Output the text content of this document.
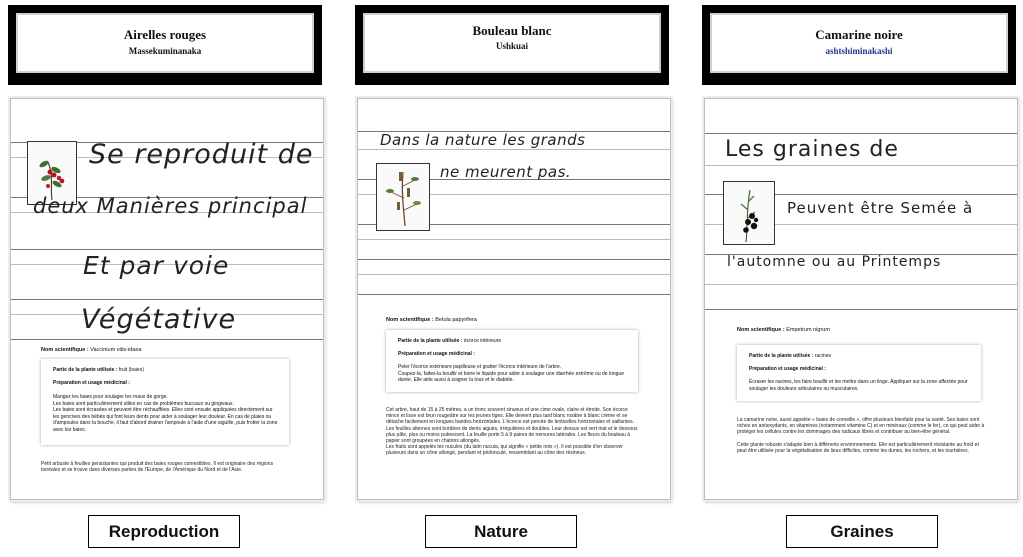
Airelles rouges
Massekuminanaka
Se reproduit de
deux Manières principal
Et par voie
Végétative
Nom scientifique : Vaccinium vitis-idaea
Partie de la plante utilisée : fruit (baies)
Préparation et usage médicinal :
Mangez les baies pour soulager les maux de gorge.
Les baies sont particulièrement utiles en cas de problèmes buccaux ou gingivaux.
Les baies sont écrasées et peuvent être réchauffées. Elles sont ensuite appliquées directement sur les gencives des bébés qui font leurs dents pour aider à soulager leur douleur. En cas de plaies ou d'ampoules dans la bouche, il faut d'abord drainer l'ampoule à l'aide d'une aiguille, puis frotter la zone avec les baies.
Petit arbuste à feuilles persistantes qui produit des baies rouges comestibles. Il est originaire des régions boréales et se trouve dans diverses parties de l'Europe, de l'Amérique du Nord et de l'Asie.
Reproduction
Bouleau blanc
Ushkuai
Dans la nature les grands
ne meurent pas.
Nom scientifique : Betula papyrifera
Partie de la plante utilisée : écorce intérieure
Préparation et usage médicinal :
Peler l'écorce extérieure papilleuse et gratter l'écorce intérieure de l'arbre.
Coupez-la, faites-la bouillir et boire le liquide pour aider à soulager une diarrhée extrême ou de longue durée. Elle aide aussi à soigner la toux et le diabète.
Cet arbre, haut de 15 à 25 mètres, a un tronc souvent sinueux et une cime ovale, claire et étroite. Son écorce mince et lisse est brun rougeâtre sur les jeunes tiges. Elle devient plus tard blanc rosâtre à blanc crème et se détache facilement en longues bandes horizontales. L'écorce est percée de lenticelles horizontales et saillantes.
Les feuilles alternes sont bordées de dents aiguës, irrégulières et doubles. Leur dessus est vert mat et le dessous plus pâle, plus ou moins pubescent. La feuille porte 5 à 9 paires de nervures latérales. Les fleurs du bouleau à papier sont groupées en chatons allongés.
Les fruits sont appelés les nucules (du latin nucula, qui signifie « petite noix »). Il est possible d'en observer plusieurs dans un cône allongé, pendant et pédonculé, ressemblant au cône des résineux.
Nature
Camarine noire
ashtshiminakashi
Les graines de
Peuvent être Semée à
l'automne ou au Printemps
Nom scientifique : Empetrum nigrum
Partie de la plante utilisée : racines
Préparation et usage médicinal :
Écraser les racines, les faire bouillir et les mettre dans un linge. Appliquer sur la zone affectée pour soulager les douleurs articulaires ou musculaires.
La camarine noire, aussi appelée « baies de corneille », offre plusieurs bienfaits pour la santé. Ses baies sont riches en antioxydants, en vitamines (notamment vitamine C) et en minéraux (comme le fer), ce qui peut aider à protéger les cellules contre les dommages des radicaux libres et contribuer au bien-être général.

Cette plante robuste s'adapte bien à différents environnements. Elle est particulièrement résistante au froid et peut être utilisée pour la végétalisation de lieux difficiles, comme les dunes, les rochers, et les tourbières.
Graines
